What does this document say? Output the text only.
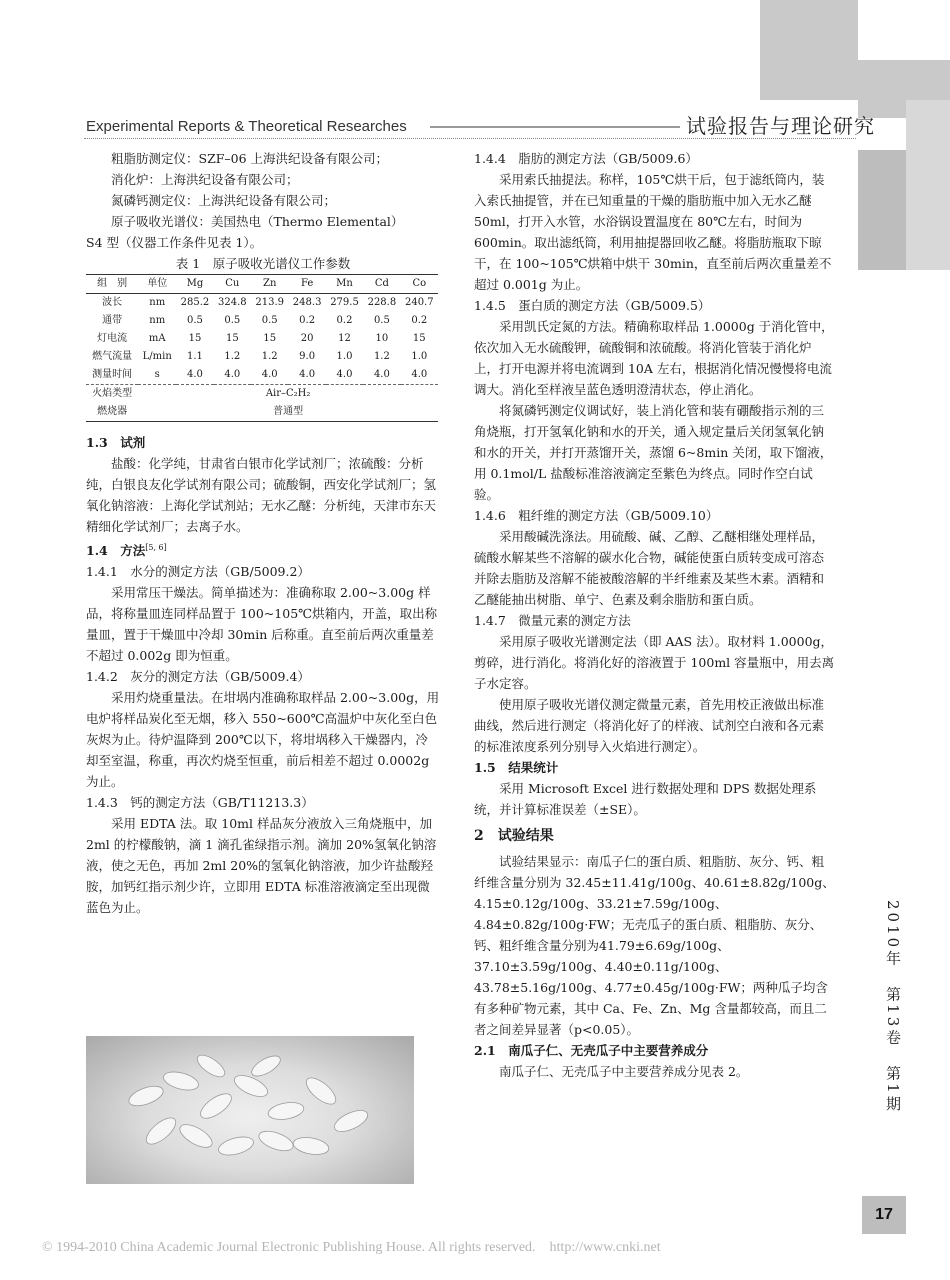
Experimental Reports & Theoretical Researches	试验报告与理论研究

粗脂肪测定仪：SZF–06 上海洪纪设备有限公司；

消化炉：上海洪纪设备有限公司；

氮磷钙测定仪：上海洪纪设备有限公司；

原子吸收光谱仪：美国热电（Thermo Elemental）

S4 型（仪器工作条件见表 1）。

表 1　原子吸收光谱仪工作参数

组　别	单位	Mg	Cu	Zn	Fe	Mn	Cd	Co
波长	nm	285.2	324.8	213.9	248.3	279.5	228.8	240.7
通带	nm	0.5	0.5	0.5	0.2	0.2	0.5	0.2
灯电流	mA	15	15	15	20	12	10	15
燃气流量	L/min	1.1	1.2	1.2	9.0	1.0	1.2	1.0
测量时间	s	4.0	4.0	4.0	4.0	4.0	4.0	4.0
火焰类型	Air–C₂H₂							
燃烧器	普通型							

1.3　试剂

盐酸：化学纯，甘肃省白银市化学试剂厂；浓硫酸：分析纯，白银良友化学试剂有限公司；硫酸铜，西安化学试剂厂；氢氧化钠溶液：上海化学试剂站；无水乙醚：分析纯，天津市东天精细化学试剂厂；去离子水。

1.4　方法[5, 6]

1.4.1　水分的测定方法（GB/5009.2）

采用常压干燥法。简单描述为：准确称取 2.00~3.00g 样品，将称量皿连同样品置于 100~105℃烘箱内，开盖，取出称量皿，置于干燥皿中冷却 30min 后称重。直至前后两次重量差不超过 0.002g 即为恒重。

1.4.2　灰分的测定方法（GB/5009.4）

采用灼烧重量法。在坩埚内准确称取样品 2.00~3.00g，用电炉将样品炭化至无烟，移入 550~600℃高温炉中灰化至白色灰烬为止。待炉温降到 200℃以下，将坩埚移入干燥器内，冷却至室温，称重，再次灼烧至恒重，前后相差不超过 0.0002g 为止。

1.4.3　钙的测定方法（GB/T11213.3）

采用 EDTA 法。取 10ml 样品灰分液放入三角烧瓶中，加 2ml 的柠檬酸钠，滴 1 滴孔雀绿指示剂。滴加 20%氢氧化钠溶液，使之无色，再加 2ml 20%的氢氧化钠溶液，加少许盐酸羟胺，加钙红指示剂少许，立即用 EDTA 标准溶液滴定至出现微蓝色为止。

1.4.4　脂肪的测定方法（GB/5009.6）

采用索氏抽提法。称样，105℃烘干后，包于滤纸筒内，装入索氏抽提管，并在已知重量的干燥的脂肪瓶中加入无水乙醚 50ml，打开入水管，水浴锅设置温度在 80℃左右，时间为 600min。取出滤纸筒，利用抽提器回收乙醚。将脂肪瓶取下晾干，在 100~105℃烘箱中烘干 30min，直至前后两次重量差不超过 0.001g 为止。

1.4.5　蛋白质的测定方法（GB/5009.5）

采用凯氏定氮的方法。精确称取样品 1.0000g 于消化管中，依次加入无水硫酸钾，硫酸铜和浓硫酸。将消化管装于消化炉上，打开电源并将电流调到 10A 左右，根据消化情况慢慢将电流调大。消化至样液呈蓝色透明澄清状态，停止消化。

将氮磷钙测定仪调试好，装上消化管和装有硼酸指示剂的三角烧瓶，打开氢氧化钠和水的开关，通入规定量后关闭氢氧化钠和水的开关，并打开蒸馏开关，蒸馏 6~8min 关闭，取下馏液，用 0.1mol/L 盐酸标准溶液滴定至紫色为终点。同时作空白试验。

1.4.6　粗纤维的测定方法（GB/5009.10）

采用酸碱洗涤法。用硫酸、碱、乙醇、乙醚相继处理样品，硫酸水解某些不溶解的碳水化合物，碱能使蛋白质转变成可溶态并除去脂肪及溶解不能被酸溶解的半纤维素及某些木素。酒精和乙醚能抽出树脂、单宁、色素及剩余脂肪和蛋白质。

1.4.7　微量元素的测定方法

采用原子吸收光谱测定法（即 AAS 法）。取材料 1.0000g，剪碎，进行消化。将消化好的溶液置于 100ml 容量瓶中，用去离子水定容。

使用原子吸收光谱仪测定微量元素，首先用校正液做出标准曲线，然后进行测定（将消化好了的样液、试剂空白液和各元素的标准浓度系列分别导入火焰进行测定）。

1.5　结果统计

采用 Microsoft Excel 进行数据处理和 DPS 数据处理系统，并计算标准误差（±SE）。

2　试验结果

试验结果显示：南瓜子仁的蛋白质、粗脂肪、灰分、钙、粗纤维含量分别为 32.45±11.41g/100g、40.61±8.82g/100g、4.15±0.12g/100g、33.21±7.59g/100g、4.84±0.82g/100g·FW；无壳瓜子的蛋白质、粗脂肪、灰分、钙、粗纤维含量分别为41.79±6.69g/100g、37.10±3.59g/100g、4.40±0.11g/100g、43.78±5.16g/100g、4.77±0.45g/100g·FW；两种瓜子均含有多种矿物元素，其中 Ca、Fe、Zn、Mg 含量都较高，而且二者之间差异显著（p<0.05）。

2.1　南瓜子仁、无壳瓜子中主要营养成分

南瓜子仁、无壳瓜子中主要营养成分见表 2。	2010年　第13卷　第1期
17
© 1994-2010 China Academic Journal Electronic Publishing House. All rights reserved.　http://www.cnki.net
